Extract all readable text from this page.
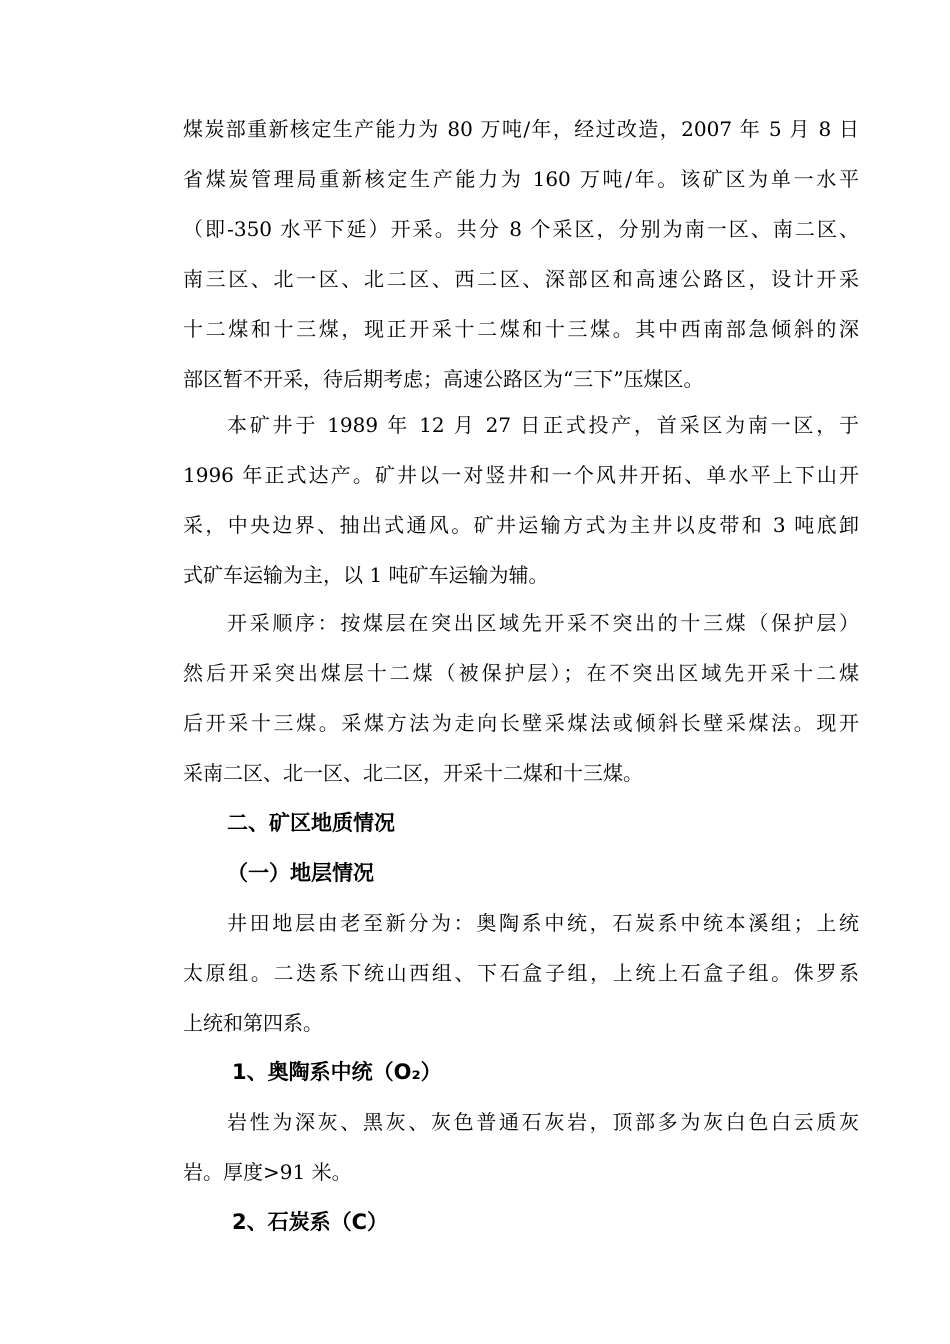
煤炭部重新核定生产能力为 80 万吨/年，经过改造，2007 年 5 月 8 日
省煤炭管理局重新核定生产能力为 160 万吨/年。该矿区为单一水平
（即-350 水平下延）开采。共分 8 个采区，分别为南一区、南二区、
南三区、北一区、北二区、西二区、深部区和高速公路区，设计开采
十二煤和十三煤，现正开采十二煤和十三煤。其中西南部急倾斜的深
部区暂不开采，待后期考虑；高速公路区为“三下”压煤区。
本矿井于 1989 年 12 月 27 日正式投产，首采区为南一区，于
1996 年正式达产。矿井以一对竖井和一个风井开拓、单水平上下山开
采，中央边界、抽出式通风。矿井运输方式为主井以皮带和 3 吨底卸
式矿车运输为主，以 1 吨矿车运输为辅。
开采顺序：按煤层在突出区域先开采不突出的十三煤（保护层）
然后开采突出煤层十二煤（被保护层）；在不突出区域先开采十二煤
后开采十三煤。采煤方法为走向长壁采煤法或倾斜长壁采煤法。现开
采南二区、北一区、北二区，开采十二煤和十三煤。
二、矿区地质情况
（一）地层情况
井田地层由老至新分为：奥陶系中统，石炭系中统本溪组；上统
太原组。二迭系下统山西组、下石盒子组，上统上石盒子组。侏罗系
上统和第四系。
1、奥陶系中统（O₂）
岩性为深灰、黑灰、灰色普通石灰岩，顶部多为灰白色白云质灰
岩。厚度>91 米。
2、石炭系（C）
